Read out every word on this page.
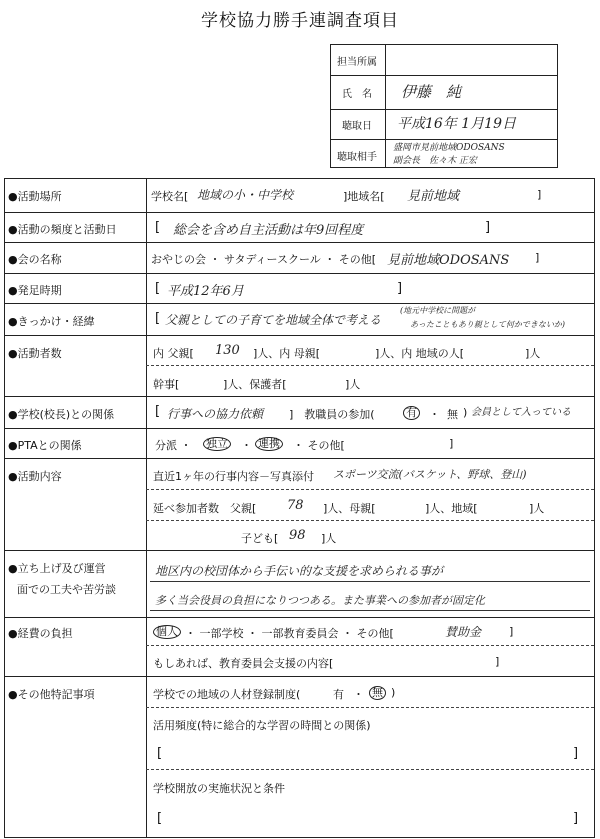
学校協力勝手連調査項目
担当所属
氏　名	伊藤　純
聴取日	平成16年 1月19日
聴取相手
盛岡市見前地域ODOSANS
副会長　佐々木 正宏
●活動場所	学校名[ 地域の小・中学校	]地域名[ 見前地域	]
●活動の頻度と活動日	[ 総会を含め自主活動は年9回程度	]
●会の名称	おやじの会 ・ サタディースクール ・ その他[ 見前地域ODOSANS ]
●発足時期	[ 平成12年6月	]
●きっかけ・経緯	[ 父親としての子育てを地域全体で考える
(地元中学校に問題が
あったこともあり親として何かできないか)
●活動者数	内 父親[ 130 ]人、内 母親[	]人、内 地域の人[	]人
幹事[	]人、保護者[	]人
●学校(校長)との関係	[ 行事への協力依頼 ]　教職員の参加(	有 ・ 無 ) 会員として入っている
●PTAとの関係	分派 ・ 独立 ・ 連携 ・ その他[	]
●活動内容	直近1ヶ年の行事内容－写真添付 スポーツ交流(バスケット、野球、登山)
延べ参加者数　父親[ 78 ]人、母親[	]人、地域[	]人
子ども[ 98 ]人
●立ち上げ及び運営
面での工夫や苦労談
地区内の校団体から手伝い的な支援を求められる事が
多く当会役員の負担になりつつある。また事業への参加者が固定化
●経費の負担	個人 ・ 一部学校 ・ 一部教育委員会 ・ その他[	賛助金	]
もしあれば、教育委員会支援の内容[	]
●その他特記事項	学校での地域の人材登録制度(	有 ・ 無 )
活用頻度(特に総合的な学習の時間との関係)
[	]
学校開放の実施状況と条件
[	]
